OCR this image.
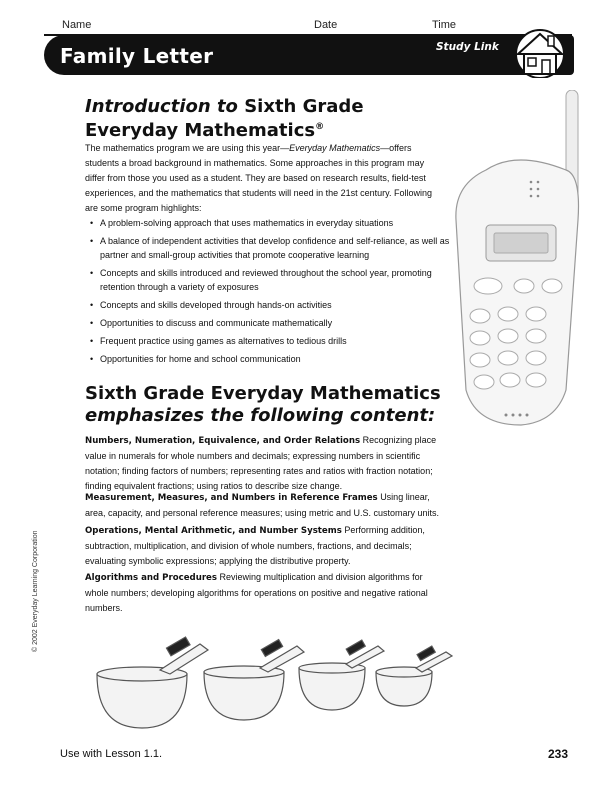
Name	Date	Time
Family Letter	Study Link
Introduction to Sixth Grade Everyday Mathematics®

The mathematics program we are using this year—Everyday Mathematics—offers students a broad background in mathematics. Some approaches in this program may differ from those you used as a student. They are based on research results, field-test experiences, and the mathematics that students will need in the 21st century. Following are some program highlights:

• A problem-solving approach that uses mathematics in everyday situations
• A balance of independent activities that develop confidence and self-reliance, as well as partner and small-group activities that promote cooperative learning
• Concepts and skills introduced and reviewed throughout the school year, promoting retention through a variety of exposures
• Concepts and skills developed through hands-on activities
• Opportunities to discuss and communicate mathematically
• Frequent practice using games as alternatives to tedious drills
• Opportunities for home and school communication
Sixth Grade Everyday Mathematics
emphasizes the following content:

Numbers, Numeration, Equivalence, and Order Relations Recognizing place value in numerals for whole numbers and decimals; expressing numbers in scientific notation; finding factors of numbers; representing rates and ratios with fraction notation; finding equivalent fractions; using ratios to describe size change.

Measurement, Measures, and Numbers in Reference Frames Using linear, area, capacity, and personal reference measures; using metric and U.S. customary units.

Operations, Mental Arithmetic, and Number Systems Performing addition, subtraction, multiplication, and division of whole numbers, fractions, and decimals; evaluating symbolic expressions; applying the distributive property.

Algorithms and Procedures Reviewing multiplication and division algorithms for whole numbers; developing algorithms for operations on positive and negative rational numbers.

© 2002 Everyday Learning Corporation
Use with Lesson 1.1.	233
